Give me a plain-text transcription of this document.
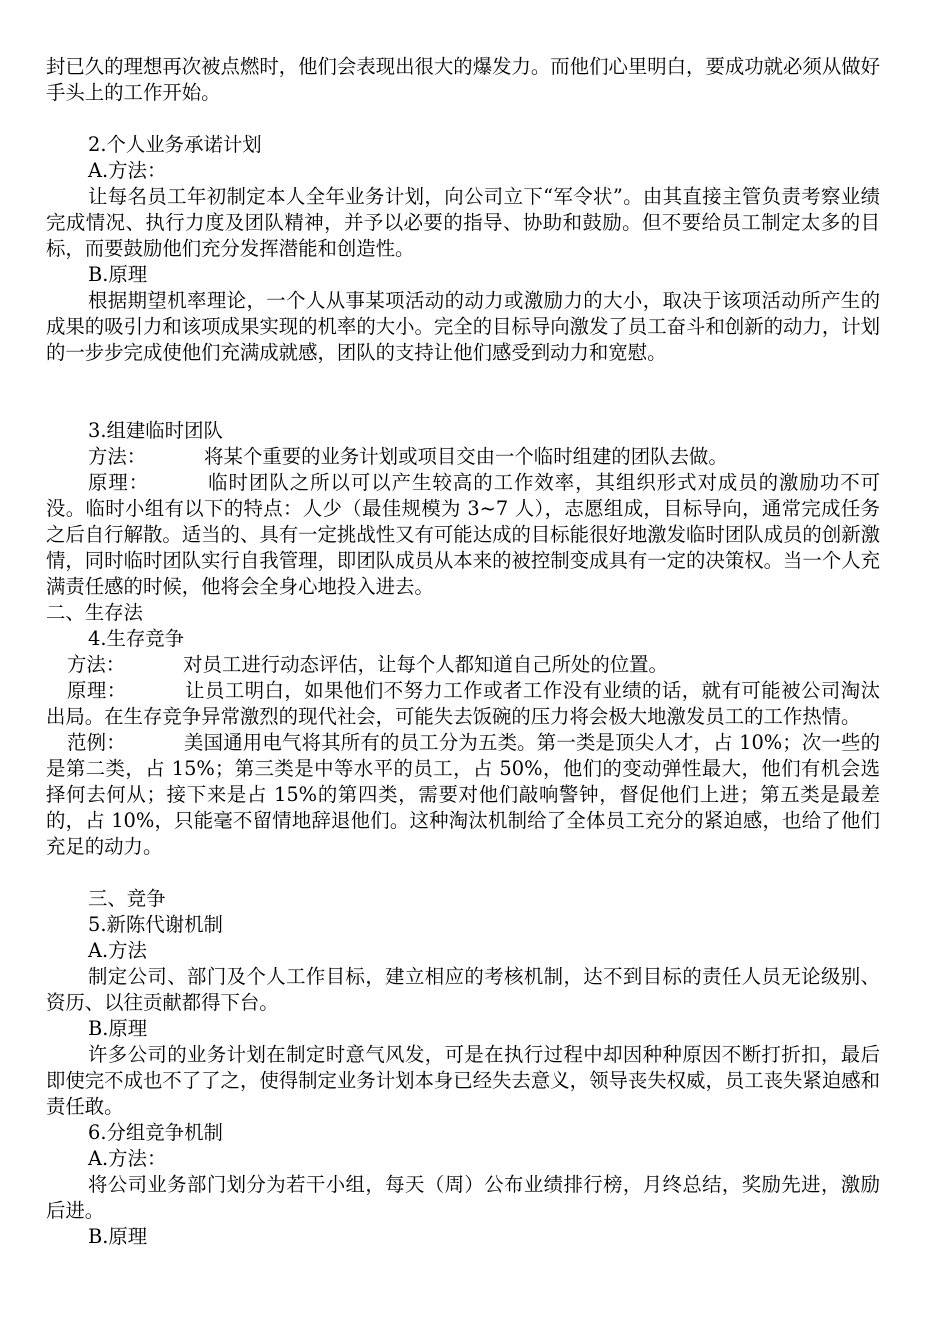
封已久的理想再次被点燃时，他们会表现出很大的爆发力。而他们心里明白，要成功就必须从做好手头上的工作开始。

2.个人业务承诺计划

A.方法：

让每名员工年初制定本人全年业务计划，向公司立下“军令状”。由其直接主管负责考察业绩完成情况、执行力度及团队精神，并予以必要的指导、协助和鼓励。但不要给员工制定太多的目标，而要鼓励他们充分发挥潜能和创造性。

B.原理

根据期望机率理论，一个人从事某项活动的动力或激励力的大小，取决于该项活动所产生的成果的吸引力和该项成果实现的机率的大小。完全的目标导向激发了员工奋斗和创新的动力，计划的一步步完成使他们充满成就感，团队的支持让他们感受到动力和宽慰。

3.组建临时团队

方法：	将某个重要的业务计划或项目交由一个临时组建的团队去做。

原理：	临时团队之所以可以产生较高的工作效率，其组织形式对成员的激励功不可没。临时小组有以下的特点：人少（最佳规模为 3~7 人），志愿组成，目标导向，通常完成任务之后自行解散。适当的、具有一定挑战性又有可能达成的目标能很好地激发临时团队成员的创新激情，同时临时团队实行自我管理，即团队成员从本来的被控制变成具有一定的决策权。当一个人充满责任感的时候，他将会全身心地投入进去。

二、生存法

4.生存竞争

方法：	对员工进行动态评估，让每个人都知道自己所处的位置。

原理：	让员工明白，如果他们不努力工作或者工作没有业绩的话，就有可能被公司淘汰出局。在生存竞争异常激烈的现代社会，可能失去饭碗的压力将会极大地激发员工的工作热情。

范例：	美国通用电气将其所有的员工分为五类。第一类是顶尖人才，占 10%；次一些的是第二类，占 15%；第三类是中等水平的员工，占 50%，他们的变动弹性最大，他们有机会选择何去何从；接下来是占 15%的第四类，需要对他们敲响警钟，督促他们上进；第五类是最差的，占 10%，只能毫不留情地辞退他们。这种淘汰机制给了全体员工充分的紧迫感，也给了他们充足的动力。

三、竞争

5.新陈代谢机制

A.方法

制定公司、部门及个人工作目标，建立相应的考核机制，达不到目标的责任人员无论级别、资历、以往贡献都得下台。

B.原理

许多公司的业务计划在制定时意气风发，可是在执行过程中却因种种原因不断打折扣，最后即使完不成也不了了之，使得制定业务计划本身已经失去意义，领导丧失权威，员工丧失紧迫感和责任敢。

6.分组竞争机制

A.方法：

将公司业务部门划分为若干小组，每天（周）公布业绩排行榜，月终总结，奖励先进，激励后进。

B.原理
